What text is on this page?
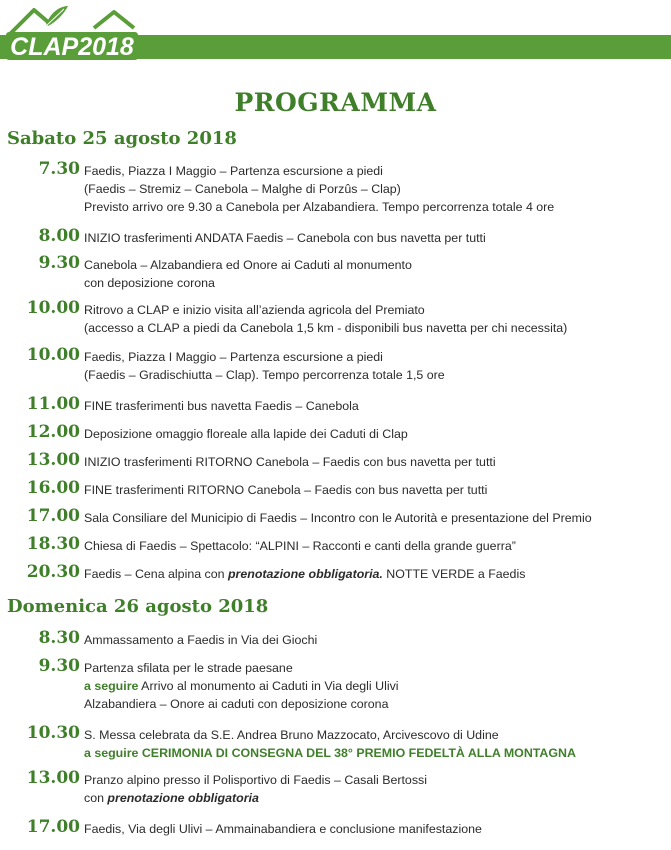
CLAP2018
PROGRAMMA
Sabato 25 agosto 2018
7.30 Faedis, Piazza I Maggio – Partenza escursione a piedi
(Faedis – Stremiz – Canebola – Malghe di Porzûs – Clap)
Previsto arrivo ore 9.30 a Canebola per Alzabandiera. Tempo percorrenza totale 4 ore
8.00 INIZIO trasferimenti ANDATA Faedis – Canebola con bus navetta per tutti
9.30 Canebola – Alzabandiera ed Onore ai Caduti al monumento
con deposizione corona
10.00 Ritrovo a CLAP e inizio visita all’azienda agricola del Premiato
(accesso a CLAP a piedi da Canebola 1,5 km - disponibili bus navetta per chi necessita)
10.00 Faedis, Piazza I Maggio – Partenza escursione a piedi
(Faedis – Gradischiutta – Clap). Tempo percorrenza totale 1,5 ore
11.00 FINE trasferimenti bus navetta Faedis – Canebola
12.00 Deposizione omaggio floreale alla lapide dei Caduti di Clap
13.00 INIZIO trasferimenti RITORNO Canebola – Faedis con bus navetta per tutti
16.00 FINE trasferimenti RITORNO Canebola – Faedis con bus navetta per tutti
17.00 Sala Consiliare del Municipio di Faedis – Incontro con le Autorità e presentazione del Premio
18.30 Chiesa di Faedis – Spettacolo: “ALPINI – Racconti e canti della grande guerra”
20.30 Faedis – Cena alpina con prenotazione obbligatoria. NOTTE VERDE a Faedis
Domenica 26 agosto 2018
8.30 Ammassamento a Faedis in Via dei Giochi
9.30 Partenza sfilata per le strade paesane
a seguire Arrivo al monumento ai Caduti in Via degli Ulivi
Alzabandiera – Onore ai caduti con deposizione corona
10.30 S. Messa celebrata da S.E. Andrea Bruno Mazzocato, Arcivescovo di Udine
a seguire CERIMONIA DI CONSEGNA DEL 38° PREMIO FEDELTÀ ALLA MONTAGNA
13.00 Pranzo alpino presso il Polisportivo di Faedis – Casali Bertossi
con prenotazione obbligatoria
17.00 Faedis, Via degli Ulivi – Ammainabandiera e conclusione manifestazione
